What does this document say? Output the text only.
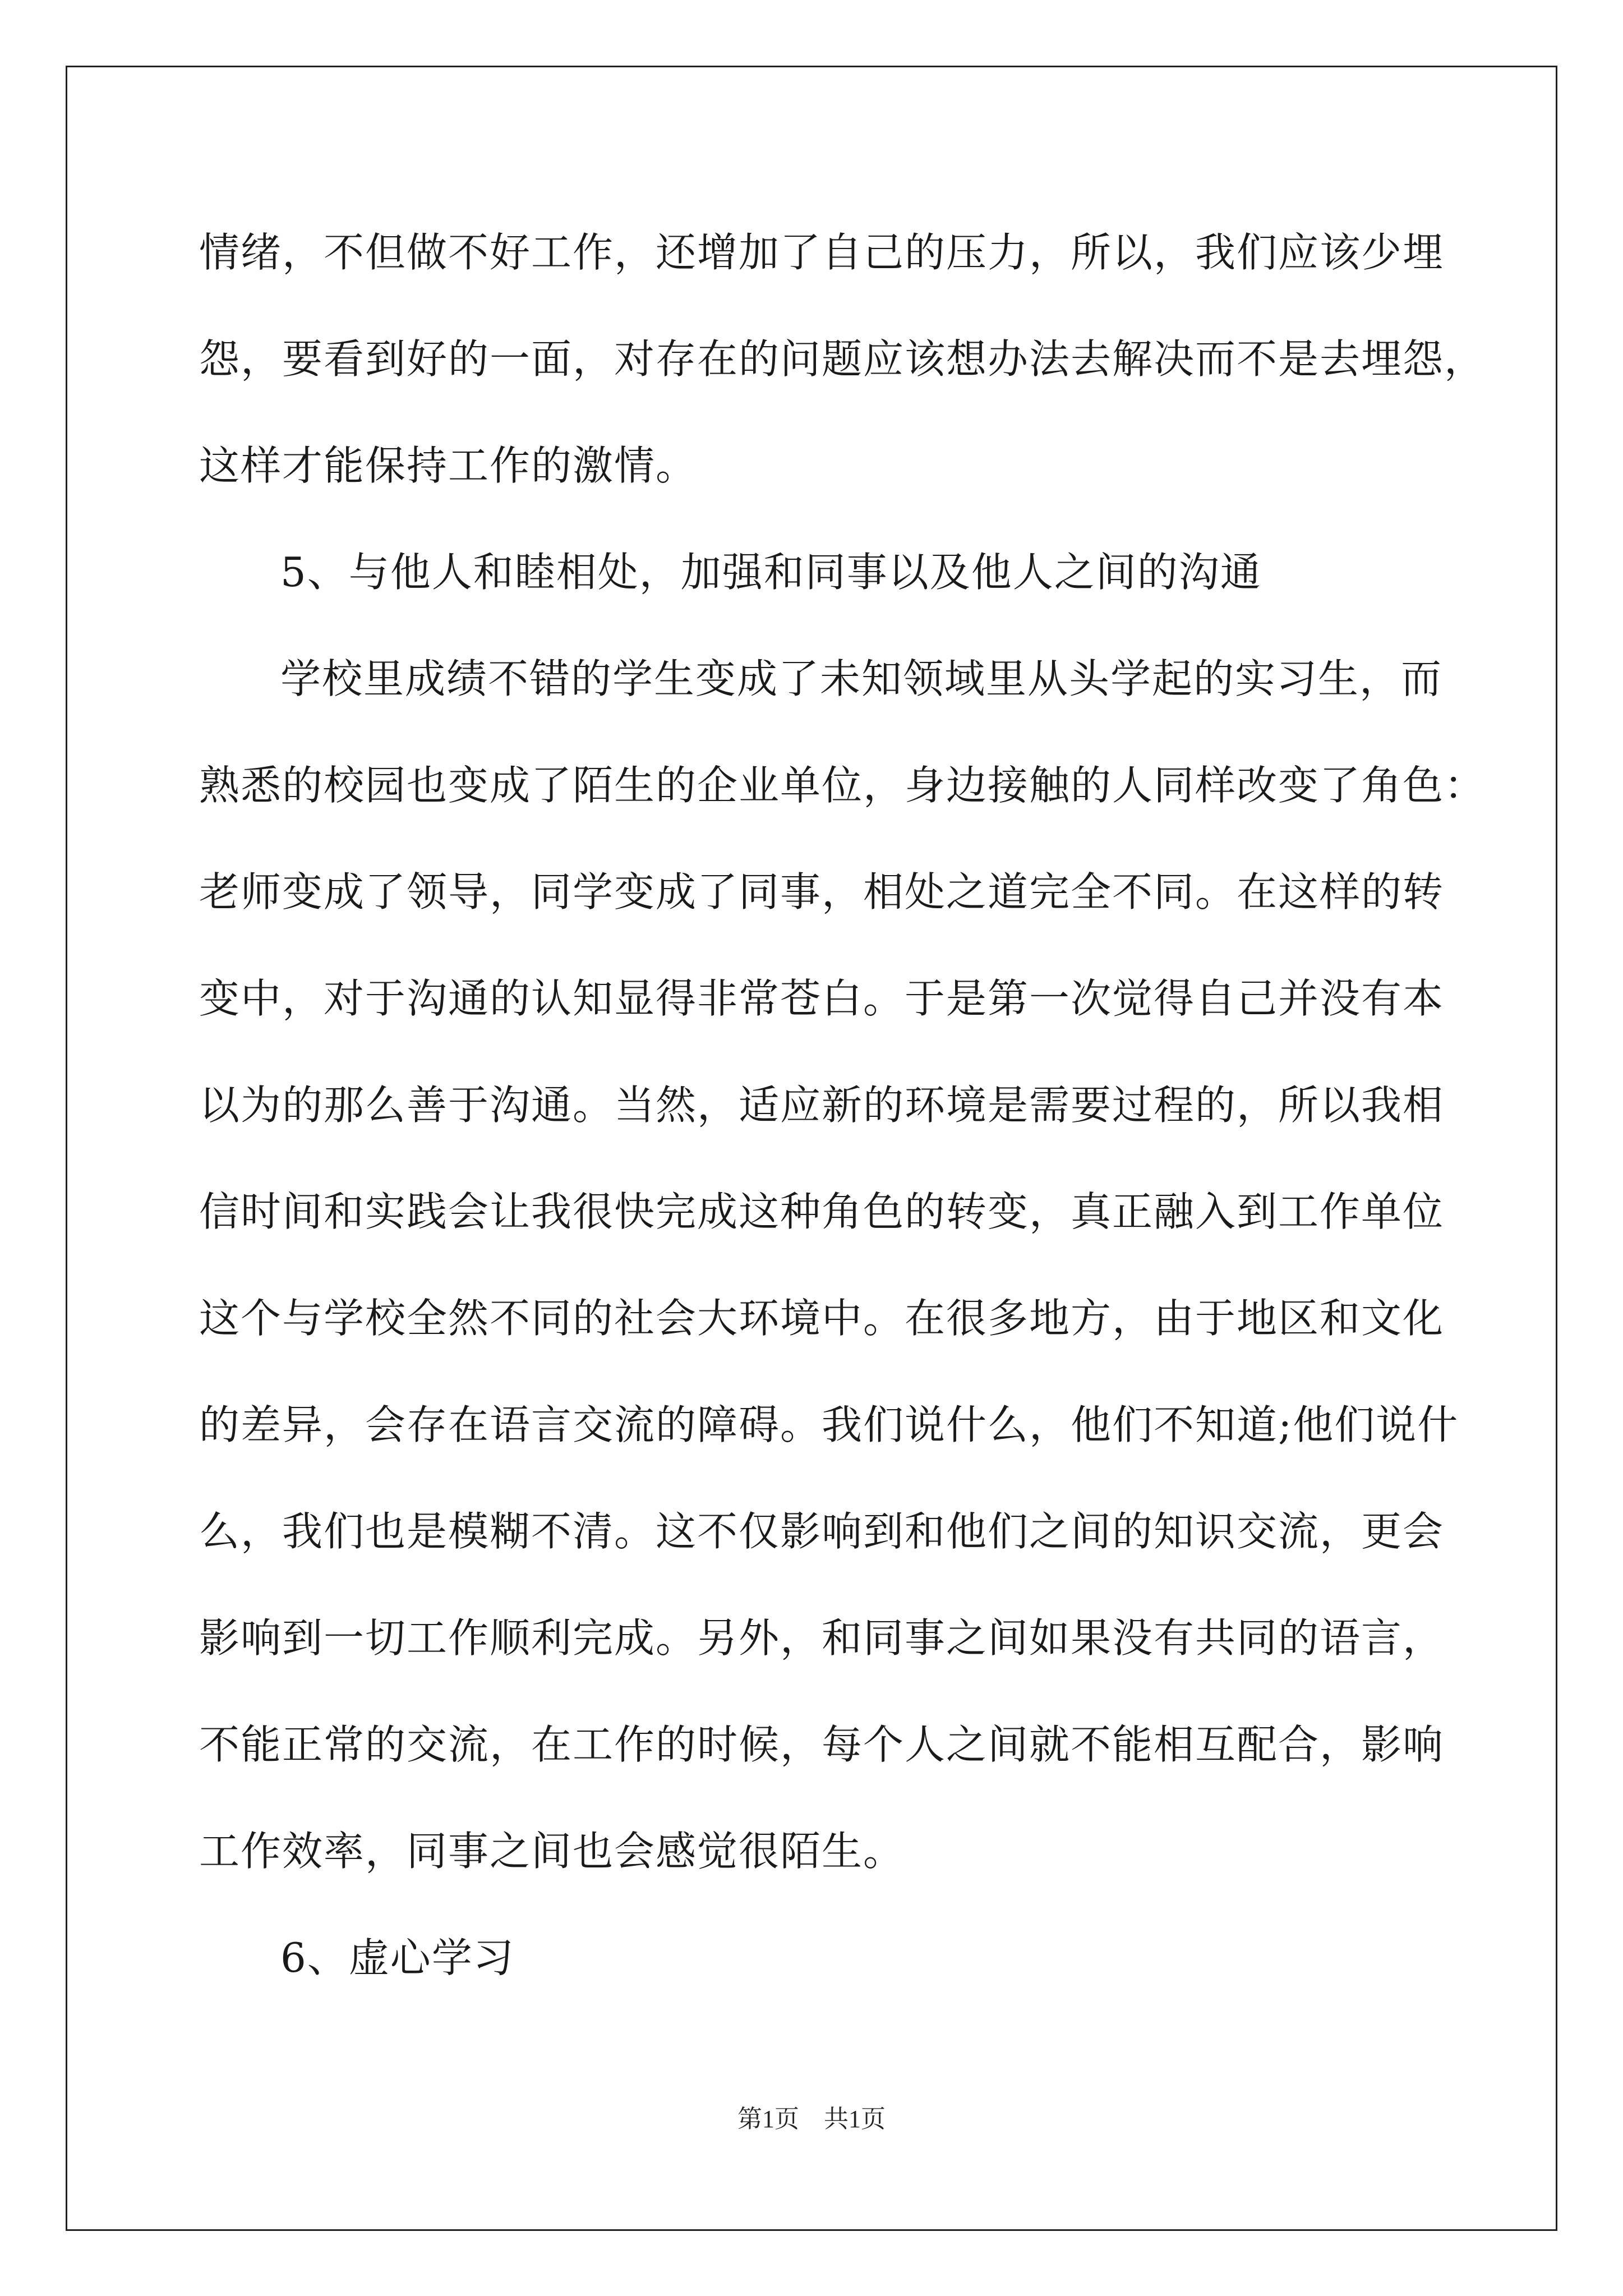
情绪，不但做不好工作，还增加了自己的压力，所以，我们应该少埋
怨，要看到好的一面，对存在的问题应该想办法去解决而不是去埋怨，
这样才能保持工作的激情。
5、与他人和睦相处，加强和同事以及他人之间的沟通
学校里成绩不错的学生变成了未知领域里从头学起的实习生，而
熟悉的校园也变成了陌生的企业单位，身边接触的人同样改变了角色：
老师变成了领导，同学变成了同事，相处之道完全不同。在这样的转
变中，对于沟通的认知显得非常苍白。于是第一次觉得自己并没有本
以为的那么善于沟通。当然，适应新的环境是需要过程的，所以我相
信时间和实践会让我很快完成这种角色的转变，真正融入到工作单位
这个与学校全然不同的社会大环境中。在很多地方，由于地区和文化
的差异，会存在语言交流的障碍。我们说什么，他们不知道;他们说什
么，我们也是模糊不清。这不仅影响到和他们之间的知识交流，更会
影响到一切工作顺利完成。另外，和同事之间如果没有共同的语言，
不能正常的交流，在工作的时候，每个人之间就不能相互配合，影响
工作效率，同事之间也会感觉很陌生。
6、虚心学习
第1页　共1页
